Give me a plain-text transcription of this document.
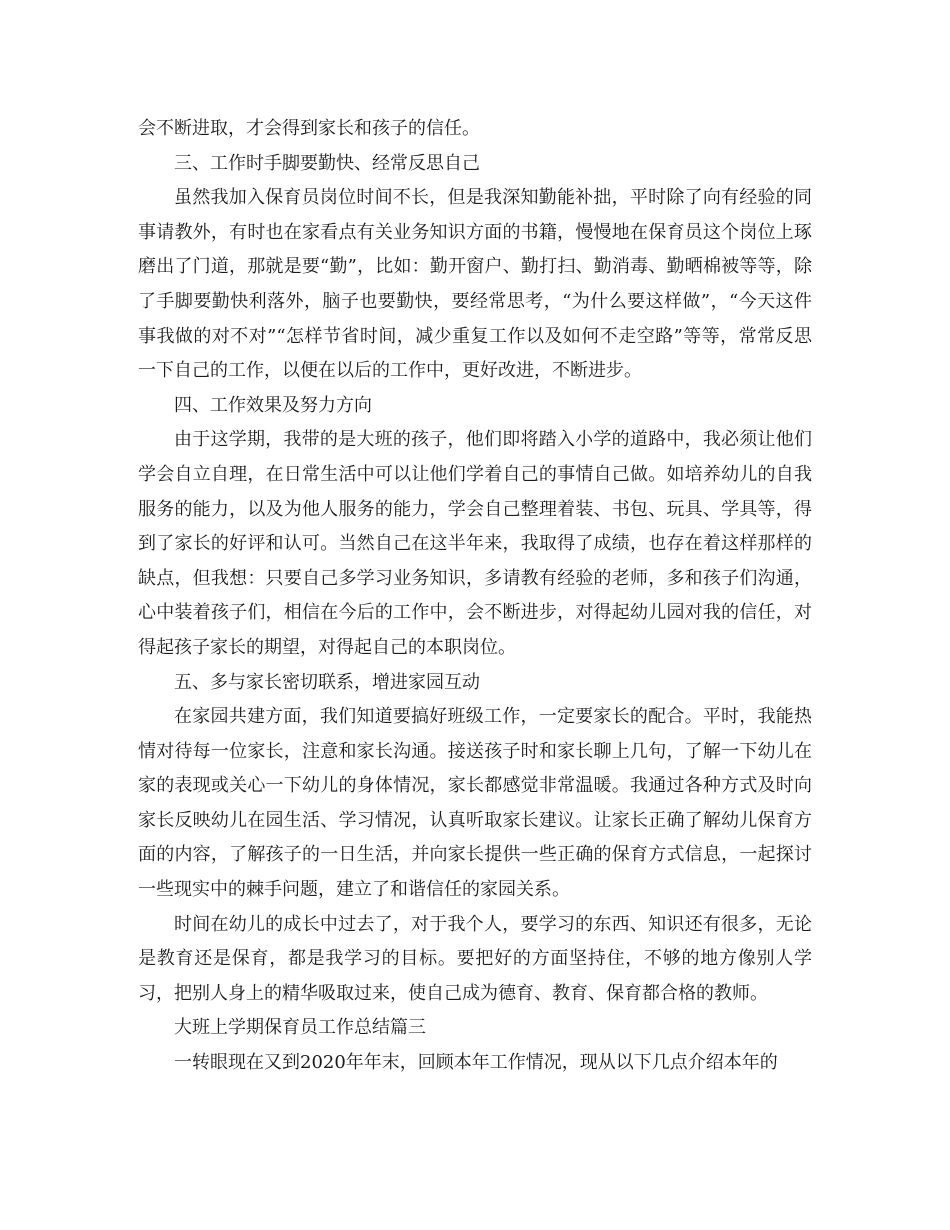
会不断进取，才会得到家长和孩子的信任。

三、工作时手脚要勤快、经常反思自己

虽然我加入保育员岗位时间不长，但是我深知勤能补拙，平时除了向有经验的同事请教外，有时也在家看点有关业务知识方面的书籍，慢慢地在保育员这个岗位上琢磨出了门道，那就是要“勤”，比如：勤开窗户、勤打扫、勤消毒、勤晒棉被等等，除了手脚要勤快利落外，脑子也要勤快，要经常思考，“为什么要这样做”，“今天这件事我做的对不对”“怎样节省时间，减少重复工作以及如何不走空路”等等，常常反思一下自己的工作，以便在以后的工作中，更好改进，不断进步。

四、工作效果及努力方向

由于这学期，我带的是大班的孩子，他们即将踏入小学的道路中，我必须让他们学会自立自理，在日常生活中可以让他们学着自己的事情自己做。如培养幼儿的自我服务的能力，以及为他人服务的能力，学会自己整理着装、书包、玩具、学具等，得到了家长的好评和认可。当然自己在这半年来，我取得了成绩，也存在着这样那样的缺点，但我想：只要自己多学习业务知识，多请教有经验的老师，多和孩子们沟通，心中装着孩子们，相信在今后的工作中，会不断进步，对得起幼儿园对我的信任，对得起孩子家长的期望，对得起自己的本职岗位。

五、多与家长密切联系，增进家园互动

在家园共建方面，我们知道要搞好班级工作，一定要家长的配合。平时，我能热情对待每一位家长，注意和家长沟通。接送孩子时和家长聊上几句，了解一下幼儿在家的表现或关心一下幼儿的身体情况，家长都感觉非常温暖。我通过各种方式及时向家长反映幼儿在园生活、学习情况，认真听取家长建议。让家长正确了解幼儿保育方面的内容，了解孩子的一日生活，并向家长提供一些正确的保育方式信息，一起探讨一些现实中的棘手问题，建立了和谐信任的家园关系。

时间在幼儿的成长中过去了，对于我个人，要学习的东西、知识还有很多，无论是教育还是保育，都是我学习的目标。要把好的方面坚持住，不够的地方像别人学习，把别人身上的精华吸取过来，使自己成为德育、教育、保育都合格的教师。

大班上学期保育员工作总结篇三

一转眼现在又到2020年年末，回顾本年工作情况，现从以下几点介绍本年的
